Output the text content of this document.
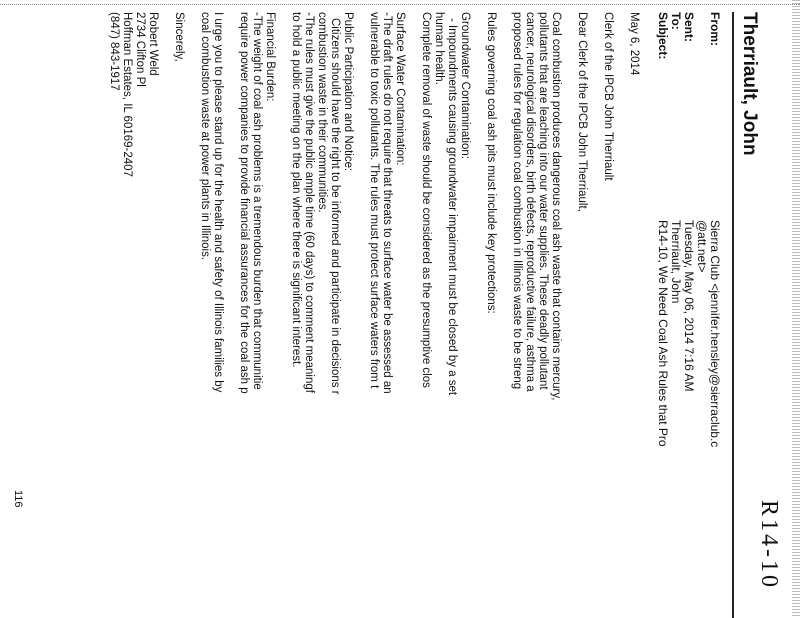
R14-10
Therriault, John
From:
Sierra Club <jennifer.hensley@sierraclub.c
@att.net>
Sent:
Tuesday, May 06, 2014 7:16 AM
To:
Therriault, John
Subject:
R14-10, We Need Coal Ash Rules that Pro

May 6, 2014

Clerk of the IPCB John Therriault

Dear Clerk of the IPCB John Therriault,

Coal combustion produces dangerous coal ash waste that contains mercury,

pollutants that are leaching into our water supplies. These deadly pollutant

cancer, neurological disorders, birth defects, reproductive failure, asthma a

proposed rules for regulation coal combustion in Illinois waste to be streng

Rules governing coal ash pits must include key protections:

Groundwater Contamination:

- Impoundments causing groundwater impairment must be closed by a set

human health.

Complete removal of waste should be considered as the presumptive clos

Surface Water Contamination:

-The draft rules do not require that threats to surface water be assessed an

vulnerable to toxic pollutants. The rules must protect surface waters from t

Public Participation and Notice:

Citizens should have the right to be informed and participate in decisions r

combustion waste in their communities.

-The rules must give the public ample time (60 days) to comment meaningf

to hold a public meeting on the plan where there is significant interest.

Financial Burden:

-The weight of coal ash problems is a tremendous burden that communitie

require power companies to provide financial assurances for the coal ash p

I urge you to please stand up for the health and safety of Illinois families by

coal combustion waste at power plants in Illinois.

Sincerely,

Robert Weld

2734 Clifton Pl

Hoffman Estates, IL 60169-2407

(847) 843-1917

116
